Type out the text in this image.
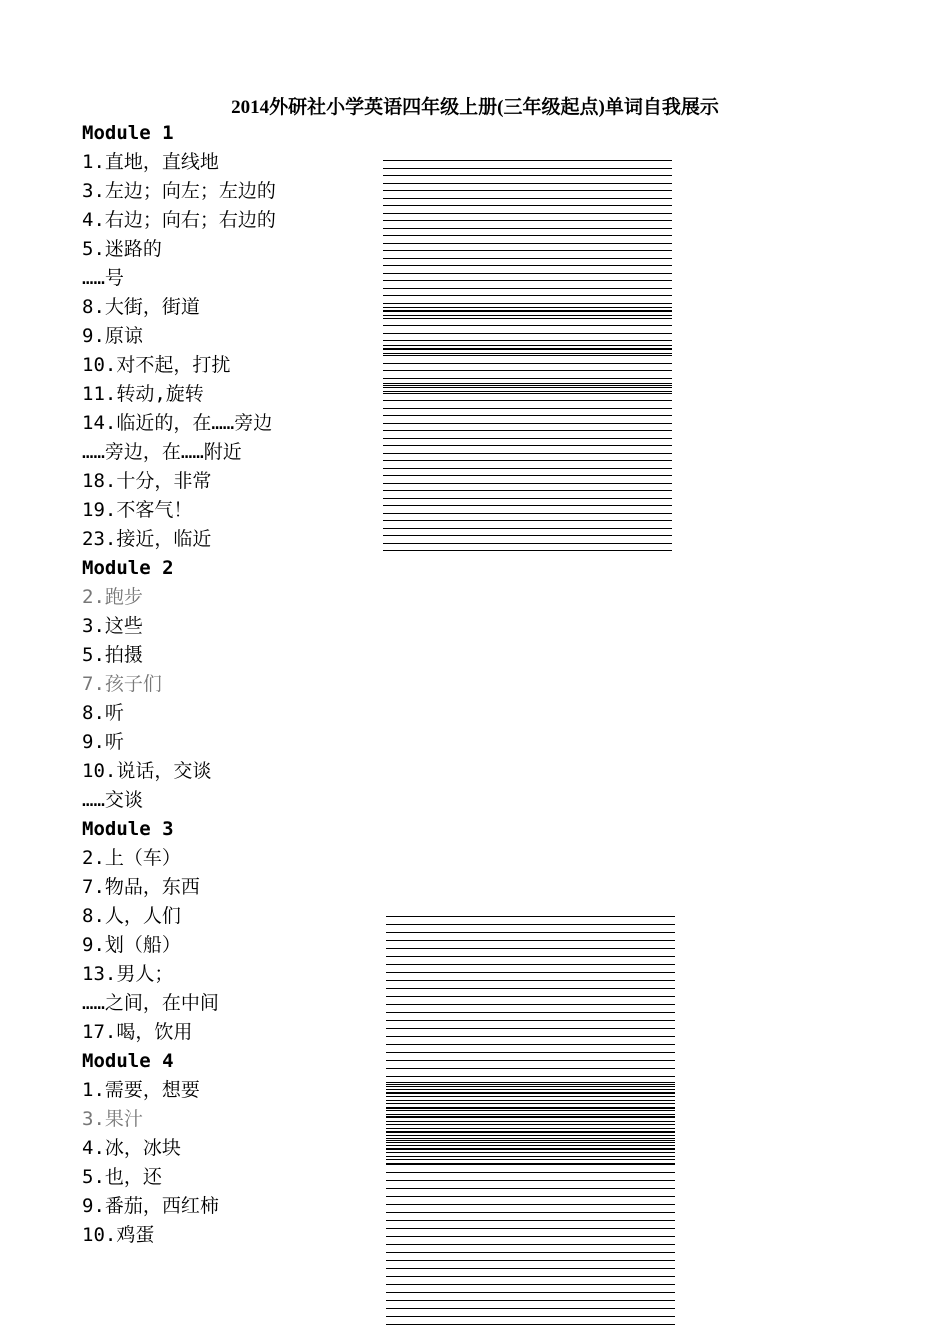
2014外研社小学英语四年级上册(三年级起点)单词自我展示
Module 1
1.直地，直线地
3.左边；向左；左边的
4.右边；向右；右边的
5.迷路的
……号
8.大街，街道
9.原谅
10.对不起，打扰
11.转动,旋转
14.临近的，在……旁边
……旁边，在……附近
18.十分，非常
19.不客气！
23.接近，临近
Module 2
2.跑步
3.这些
5.拍摄
7.孩子们
8.听
9.听
10.说话，交谈
……交谈
Module 3
2.上（车）
7.物品，东西
8.人，人们
9.划（船）
13.男人；
……之间，在中间
17.喝，饮用
Module 4
1.需要，想要
3.果汁
4.冰，冰块
5.也，还
9.番茄，西红柿
10.鸡蛋
